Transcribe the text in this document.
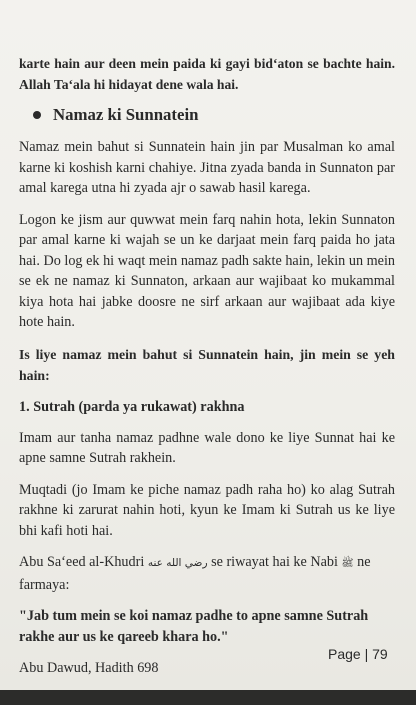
karte hain aur deen mein paida ki gayi bid‘aton se bachte hain. Allah Ta‘ala hi hidayat dene wala hai.

Namaz ki Sunnatein

Namaz mein bahut si Sunnatein hain jin par Musalman ko amal karne ki koshish karni chahiye. Jitna zyada banda in Sunnaton par amal karega utna hi zyada ajr o sawab hasil karega.

Logon ke jism aur quwwat mein farq nahin hota, lekin Sunnaton par amal karne ki wajah se un ke darjaat mein farq paida ho jata hai. Do log ek hi waqt mein namaz padh sakte hain, lekin un mein se ek ne namaz ki Sunnaton, arkaan aur wajibaat ko mukammal kiya hota hai jabke doosre ne sirf arkaan aur wajibaat ada kiye hote hain.

Is liye namaz mein bahut si Sunnatein hain, jin mein se yeh hain:

1. Sutrah (parda ya rukawat) rakhna

Imam aur tanha namaz padhne wale dono ke liye Sunnat hai ke apne samne Sutrah rakhein.

Muqtadi (jo Imam ke piche namaz padh raha ho) ko alag Sutrah rakhne ki zarurat nahin hoti, kyun ke Imam ki Sutrah us ke liye bhi kafi hoti hai.

Abu Sa‘eed al-Khudri رضي الله عنه se riwayat hai ke Nabi ﷺ ne farmaya:

"Jab tum mein se koi namaz padhe to apne samne Sutrah rakhe aur us ke qareeb khara ho."

Abu Dawud, Hadith 698

Page | 79
